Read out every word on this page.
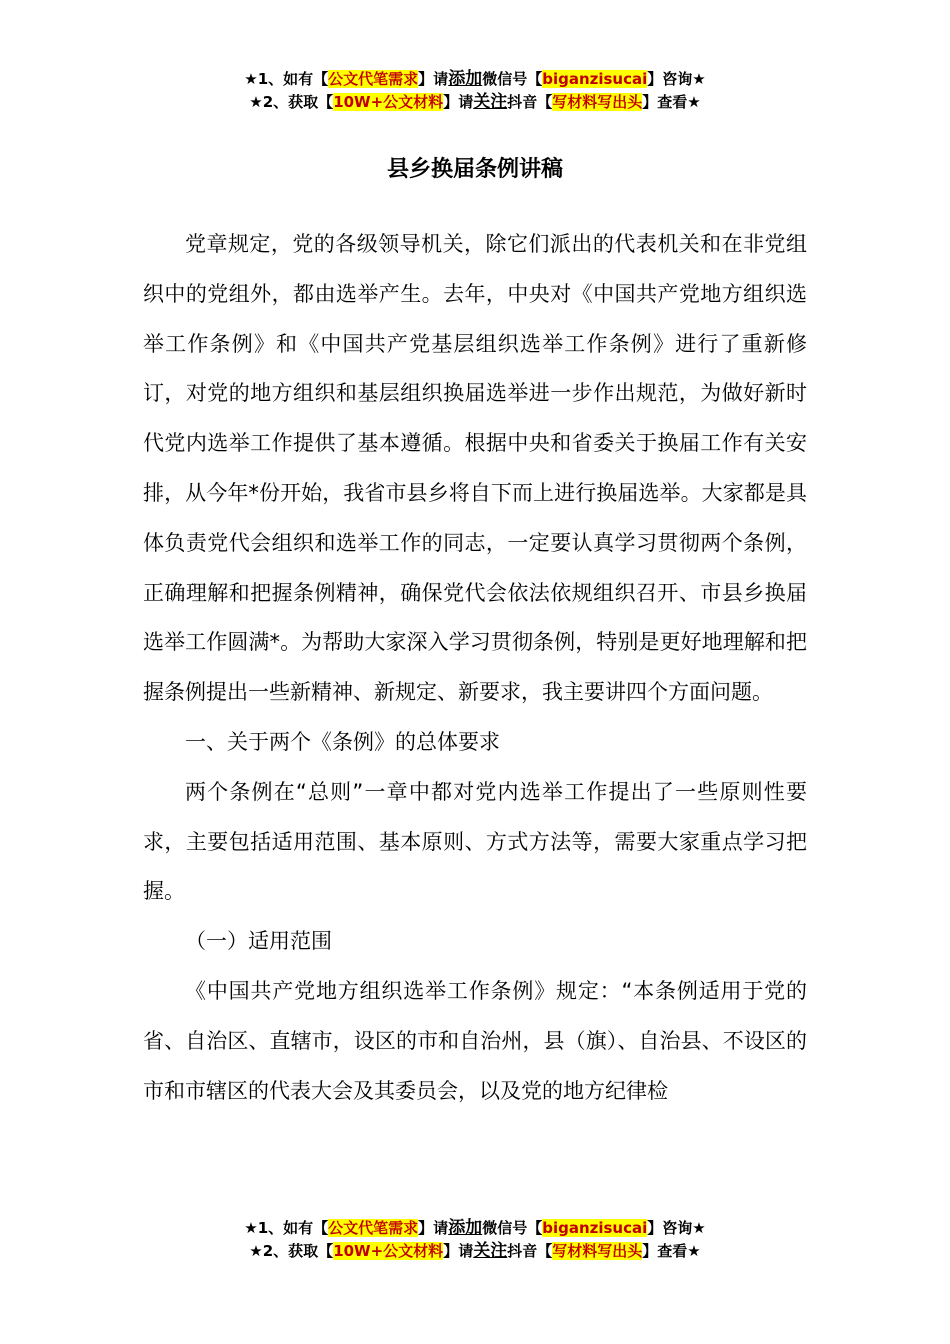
★1、如有【公文代笔需求】请添加微信号【biganzisucai】咨询★
★2、获取【10W+公文材料】请关注抖音【写材料写出头】查看★
县乡换届条例讲稿

党章规定，党的各级领导机关，除它们派出的代表机关和在非党组织中的党组外，都由选举产生。去年，中央对《中国共产党地方组织选举工作条例》和《中国共产党基层组织选举工作条例》进行了重新修订，对党的地方组织和基层组织换届选举进一步作出规范，为做好新时代党内选举工作提供了基本遵循。根据中央和省委关于换届工作有关安排，从今年*份开始，我省市县乡将自下而上进行换届选举。大家都是具体负责党代会组织和选举工作的同志，一定要认真学习贯彻两个条例，正确理解和把握条例精神，确保党代会依法依规组织召开、市县乡换届选举工作圆满*。为帮助大家深入学习贯彻条例，特别是更好地理解和把握条例提出一些新精神、新规定、新要求，我主要讲四个方面问题。

一、关于两个《条例》的总体要求

两个条例在“总则”一章中都对党内选举工作提出了一些原则性要求，主要包括适用范围、基本原则、方式方法等，需要大家重点学习把握。

（一）适用范围

《中国共产党地方组织选举工作条例》规定：“本条例适用于党的省、自治区、直辖市，设区的市和自治州，县（旗）、自治县、不设区的市和市辖区的代表大会及其委员会，以及党的地方纪律检

★1、如有【公文代笔需求】请添加微信号【biganzisucai】咨询★
★2、获取【10W+公文材料】请关注抖音【写材料写出头】查看★
